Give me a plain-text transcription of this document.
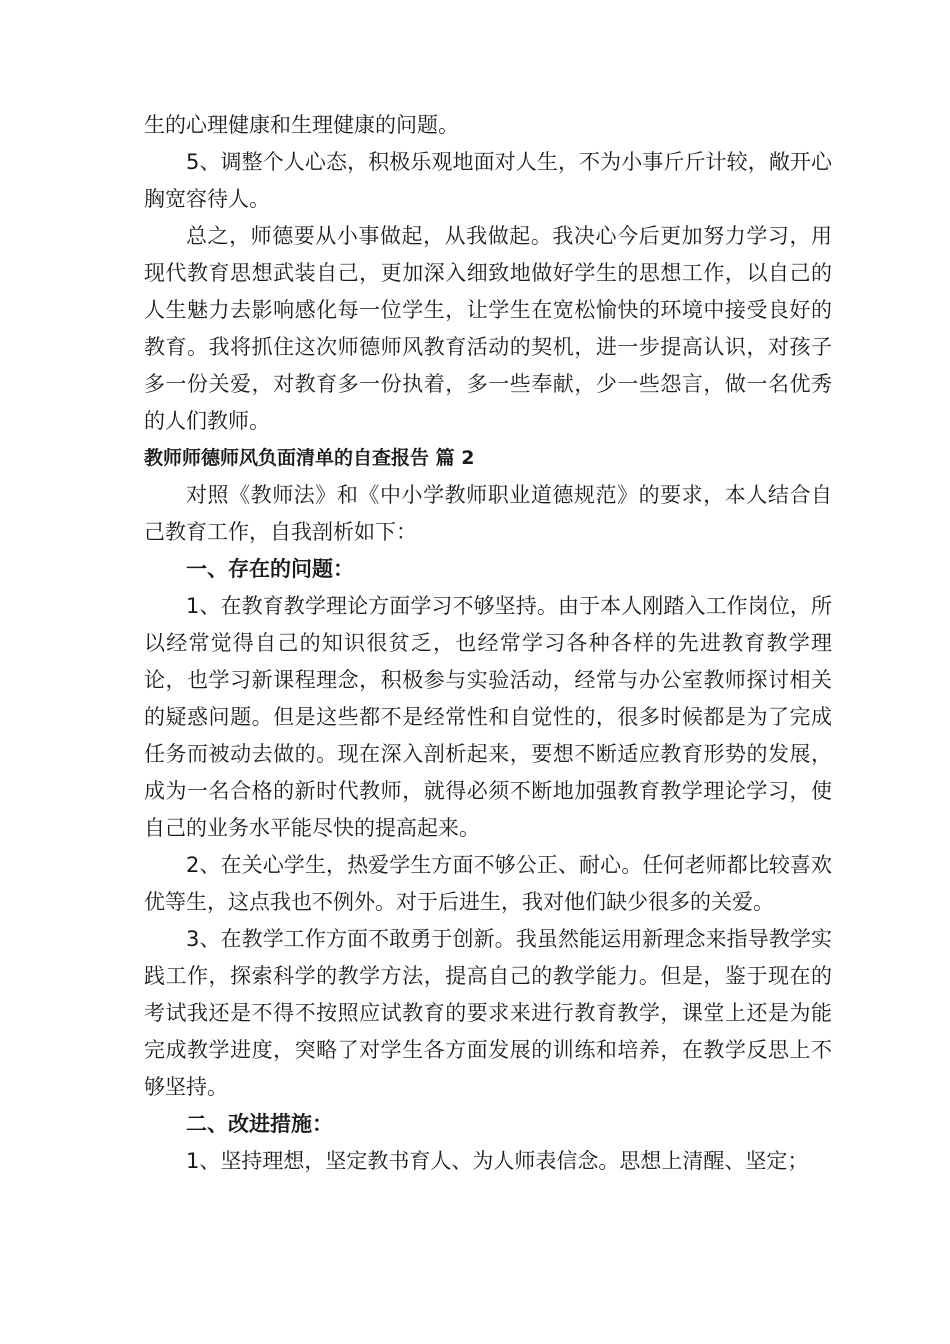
生的心理健康和生理健康的问题。

5、调整个人心态，积极乐观地面对人生，不为小事斤斤计较，敞开心胸宽容待人。

总之，师德要从小事做起，从我做起。我决心今后更加努力学习，用现代教育思想武装自己，更加深入细致地做好学生的思想工作，以自己的人生魅力去影响感化每一位学生，让学生在宽松愉快的环境中接受良好的教育。我将抓住这次师德师风教育活动的契机，进一步提高认识，对孩子多一份关爱，对教育多一份执着，多一些奉献，少一些怨言，做一名优秀的人们教师。

教师师德师风负面清单的自查报告 篇 2

对照《教师法》和《中小学教师职业道德规范》的要求，本人结合自己教育工作，自我剖析如下：

一、存在的问题：

1、在教育教学理论方面学习不够坚持。由于本人刚踏入工作岗位，所以经常觉得自己的知识很贫乏，也经常学习各种各样的先进教育教学理论，也学习新课程理念，积极参与实验活动，经常与办公室教师探讨相关的疑惑问题。但是这些都不是经常性和自觉性的，很多时候都是为了完成任务而被动去做的。现在深入剖析起来，要想不断适应教育形势的发展，成为一名合格的新时代教师，就得必须不断地加强教育教学理论学习，使自己的业务水平能尽快的提高起来。

2、在关心学生，热爱学生方面不够公正、耐心。任何老师都比较喜欢优等生，这点我也不例外。对于后进生，我对他们缺少很多的关爱。

3、在教学工作方面不敢勇于创新。我虽然能运用新理念来指导教学实践工作，探索科学的教学方法，提高自己的教学能力。但是，鉴于现在的考试我还是不得不按照应试教育的要求来进行教育教学，课堂上还是为能完成教学进度，突略了对学生各方面发展的训练和培养，在教学反思上不够坚持。

二、改进措施：

1、坚持理想，坚定教书育人、为人师表信念。思想上清醒、坚定；
